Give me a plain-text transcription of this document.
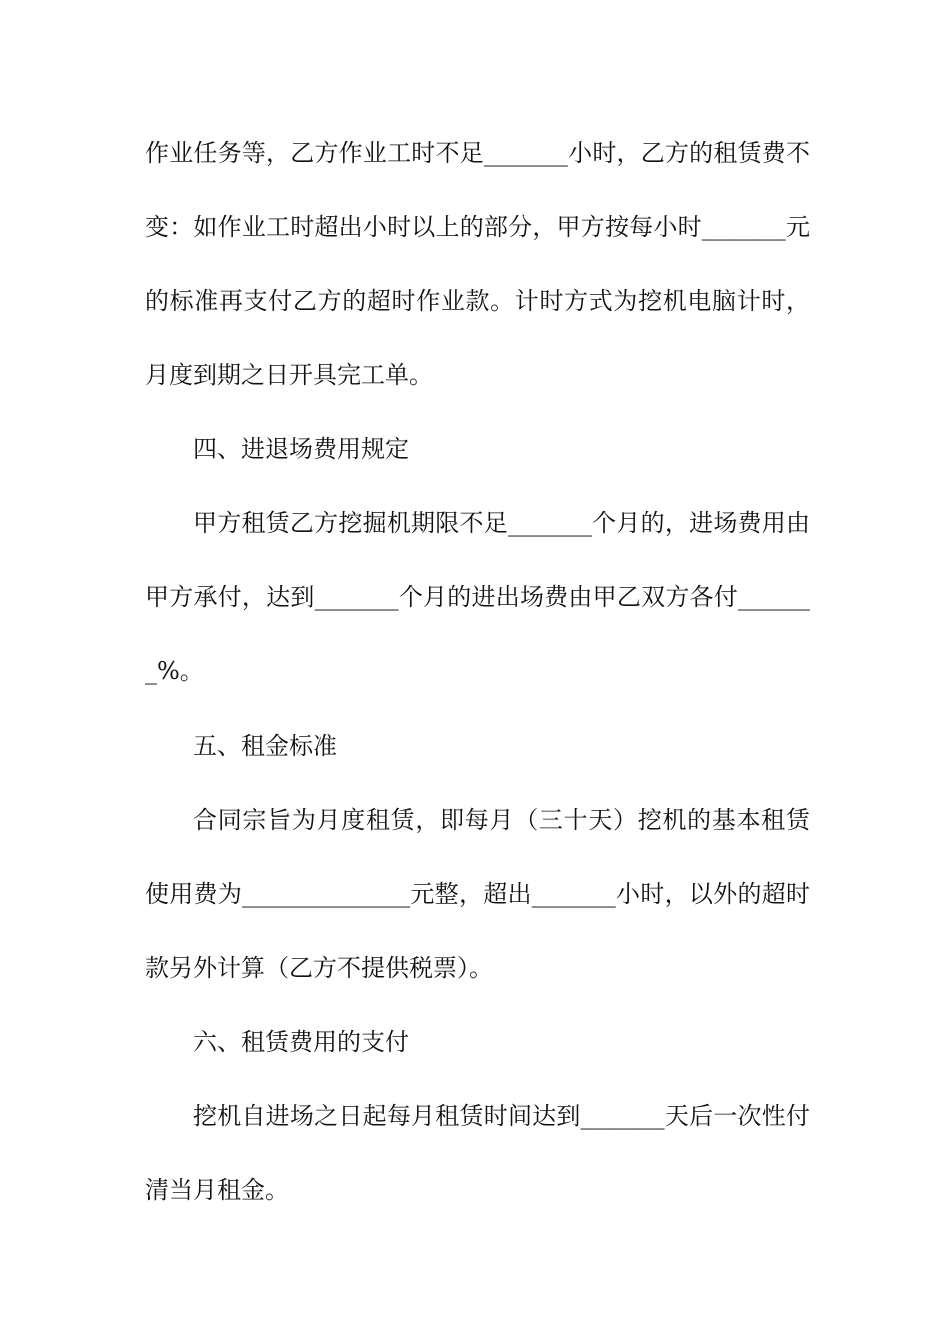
作业任务等，乙方作业工时不足_______小时，乙方的租赁费不
变：如作业工时超出小时以上的部分，甲方按每小时_______元
的标准再支付乙方的超时作业款。计时方式为挖机电脑计时，
月度到期之日开具完工单。
四、进退场费用规定
甲方租赁乙方挖掘机期限不足_______个月的，进场费用由
甲方承付，达到_______个月的进出场费由甲乙双方各付______
_%。
五、租金标准
合同宗旨为月度租赁，即每月（三十天）挖机的基本租赁
使用费为______________元整，超出_______小时，以外的超时
款另外计算（乙方不提供税票）。
六、租赁费用的支付
挖机自进场之日起每月租赁时间达到_______天后一次性付
清当月租金。
